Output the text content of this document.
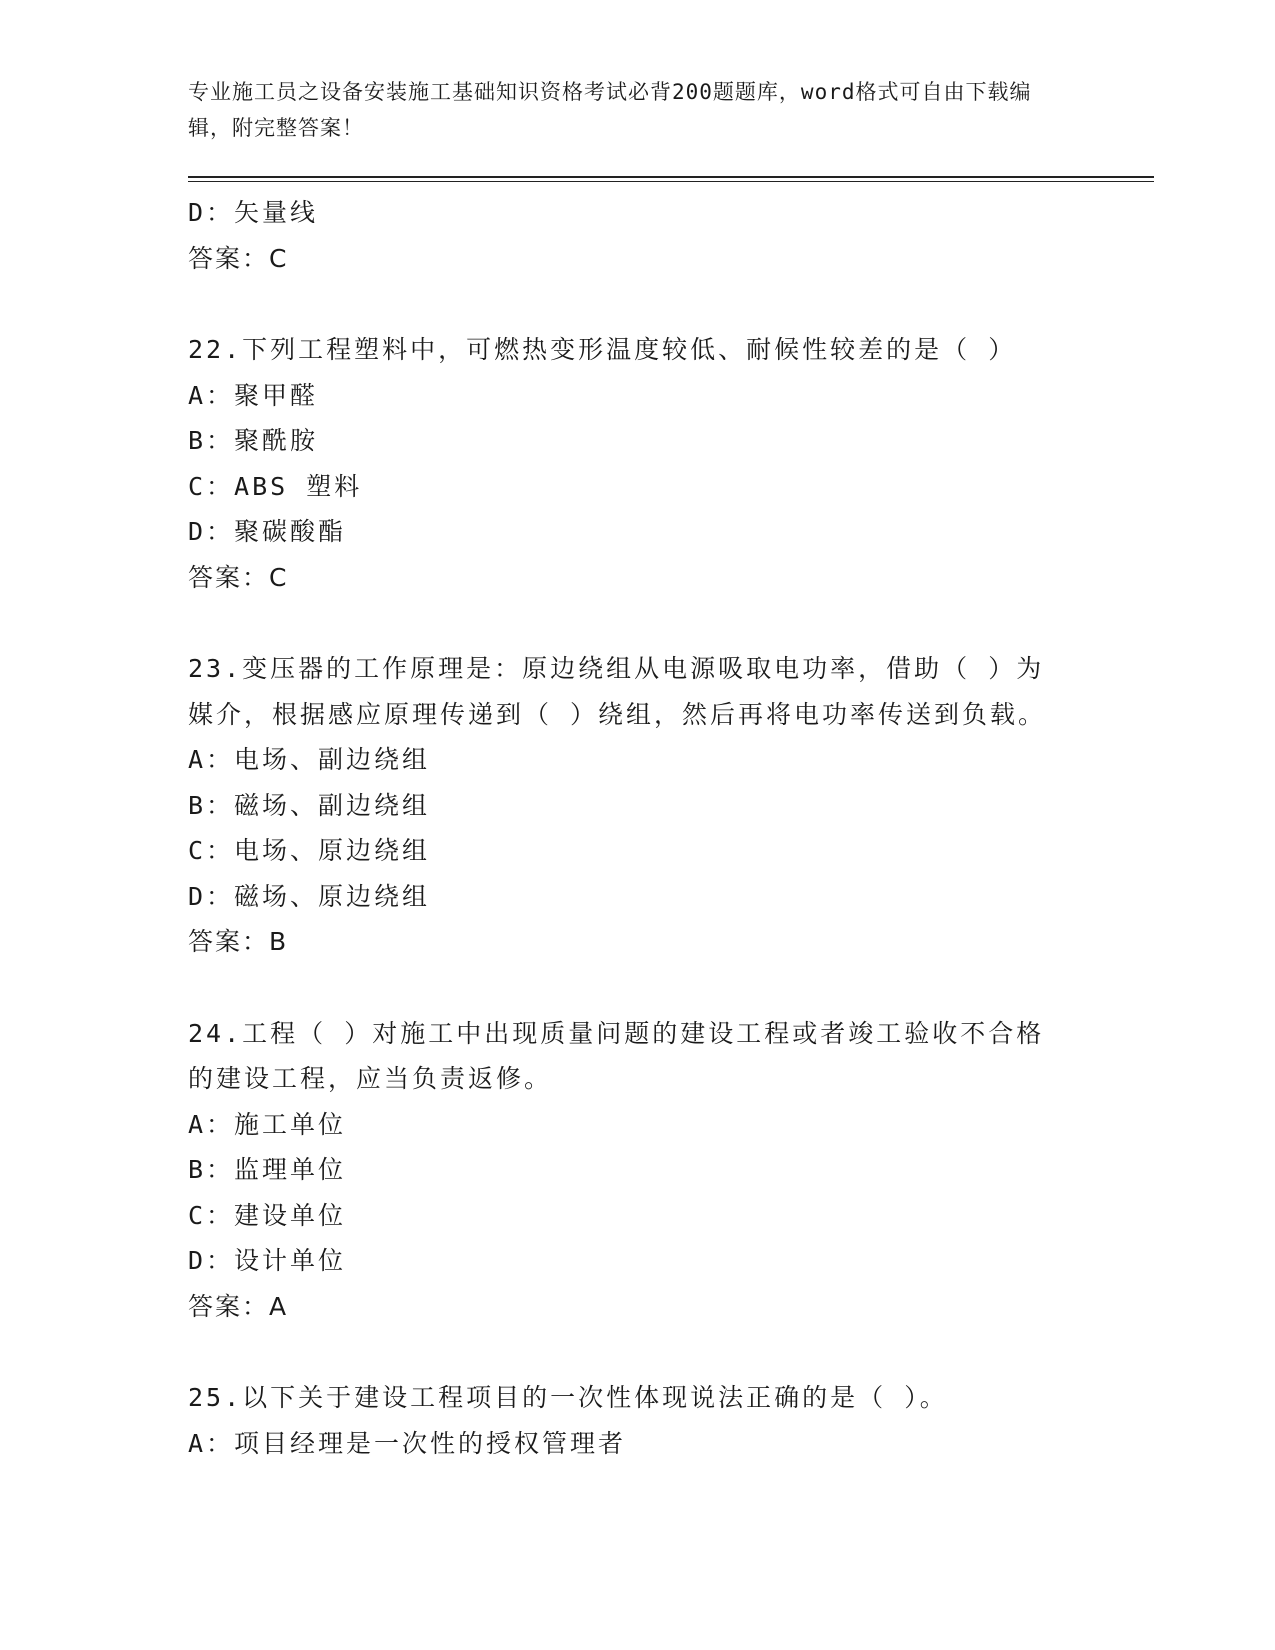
专业施工员之设备安装施工基础知识资格考试必背200题题库，word格式可自由下载编辑，附完整答案！
D：矢量线
答案：C
22.下列工程塑料中，可燃热变形温度较低、耐候性较差的是（ ）
A：聚甲醛
B：聚酰胺
C：ABS 塑料
D：聚碳酸酯
答案：C
23.变压器的工作原理是：原边绕组从电源吸取电功率，借助（ ）为
媒介，根据感应原理传递到（ ）绕组，然后再将电功率传送到负载。
A：电场、副边绕组
B：磁场、副边绕组
C：电场、原边绕组
D：磁场、原边绕组
答案：B
24.工程（ ）对施工中出现质量问题的建设工程或者竣工验收不合格
的建设工程，应当负责返修。
A：施工单位
B：监理单位
C：建设单位
D：设计单位
答案：A
25.以下关于建设工程项目的一次性体现说法正确的是（ ）。
A：项目经理是一次性的授权管理者
